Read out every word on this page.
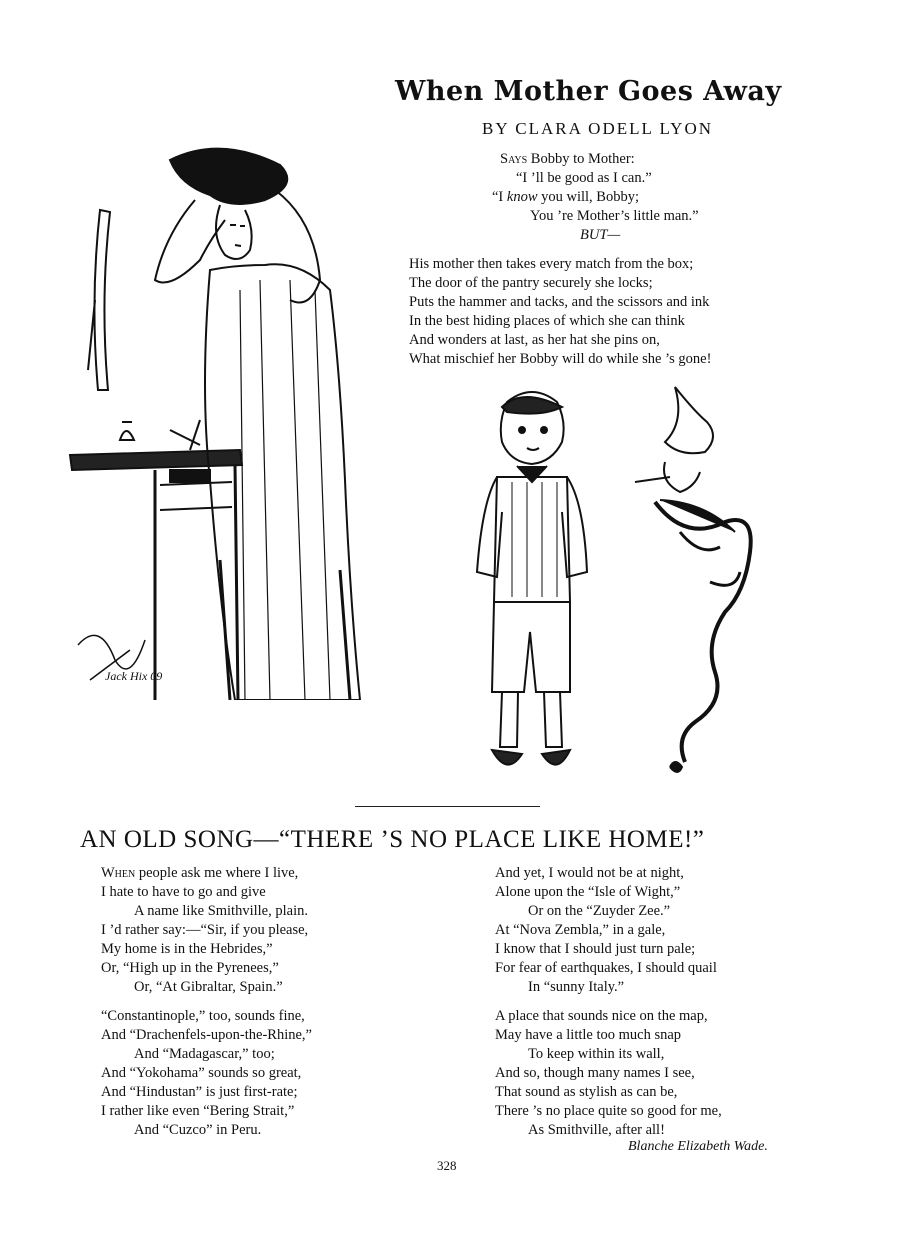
Jack Hix 09
When Mother Goes Away
BY CLARA ODELL LYON
Says Bobby to Mother:
“I ’ll be good as I can.”
“I know you will, Bobby;
You ’re Mother’s little man.”
BUT—
His mother then takes every match from the box;
The door of the pantry securely she locks;
Puts the hammer and tacks, and the scissors and ink
In the best hiding places of which she can think
And wonders at last, as her hat she pins on,
What mischief her Bobby will do while she ’s gone!
AN OLD SONG—“THERE ’S NO PLACE LIKE HOME!”
When people ask me where I live,
I hate to have to go and give
A name like Smithville, plain.
I ’d rather say:—“Sir, if you please,
My home is in the Hebrides,”
Or, “High up in the Pyrenees,”
Or, “At Gibraltar, Spain.”
“Constantinople,” too, sounds fine,
And “Drachenfels-upon-the-Rhine,”
And “Madagascar,” too;
And “Yokohama” sounds so great,
And “Hindustan” is just first-rate;
I rather like even “Bering Strait,”
And “Cuzco” in Peru.
And yet, I would not be at night,
Alone upon the “Isle of Wight,”
Or on the “Zuyder Zee.”
At “Nova Zembla,” in a gale,
I know that I should just turn pale;
For fear of earthquakes, I should quail
In “sunny Italy.”
A place that sounds nice on the map,
May have a little too much snap
To keep within its wall,
And so, though many names I see,
That sound as stylish as can be,
There ’s no place quite so good for me,
As Smithville, after all!
Blanche Elizabeth Wade.
328
